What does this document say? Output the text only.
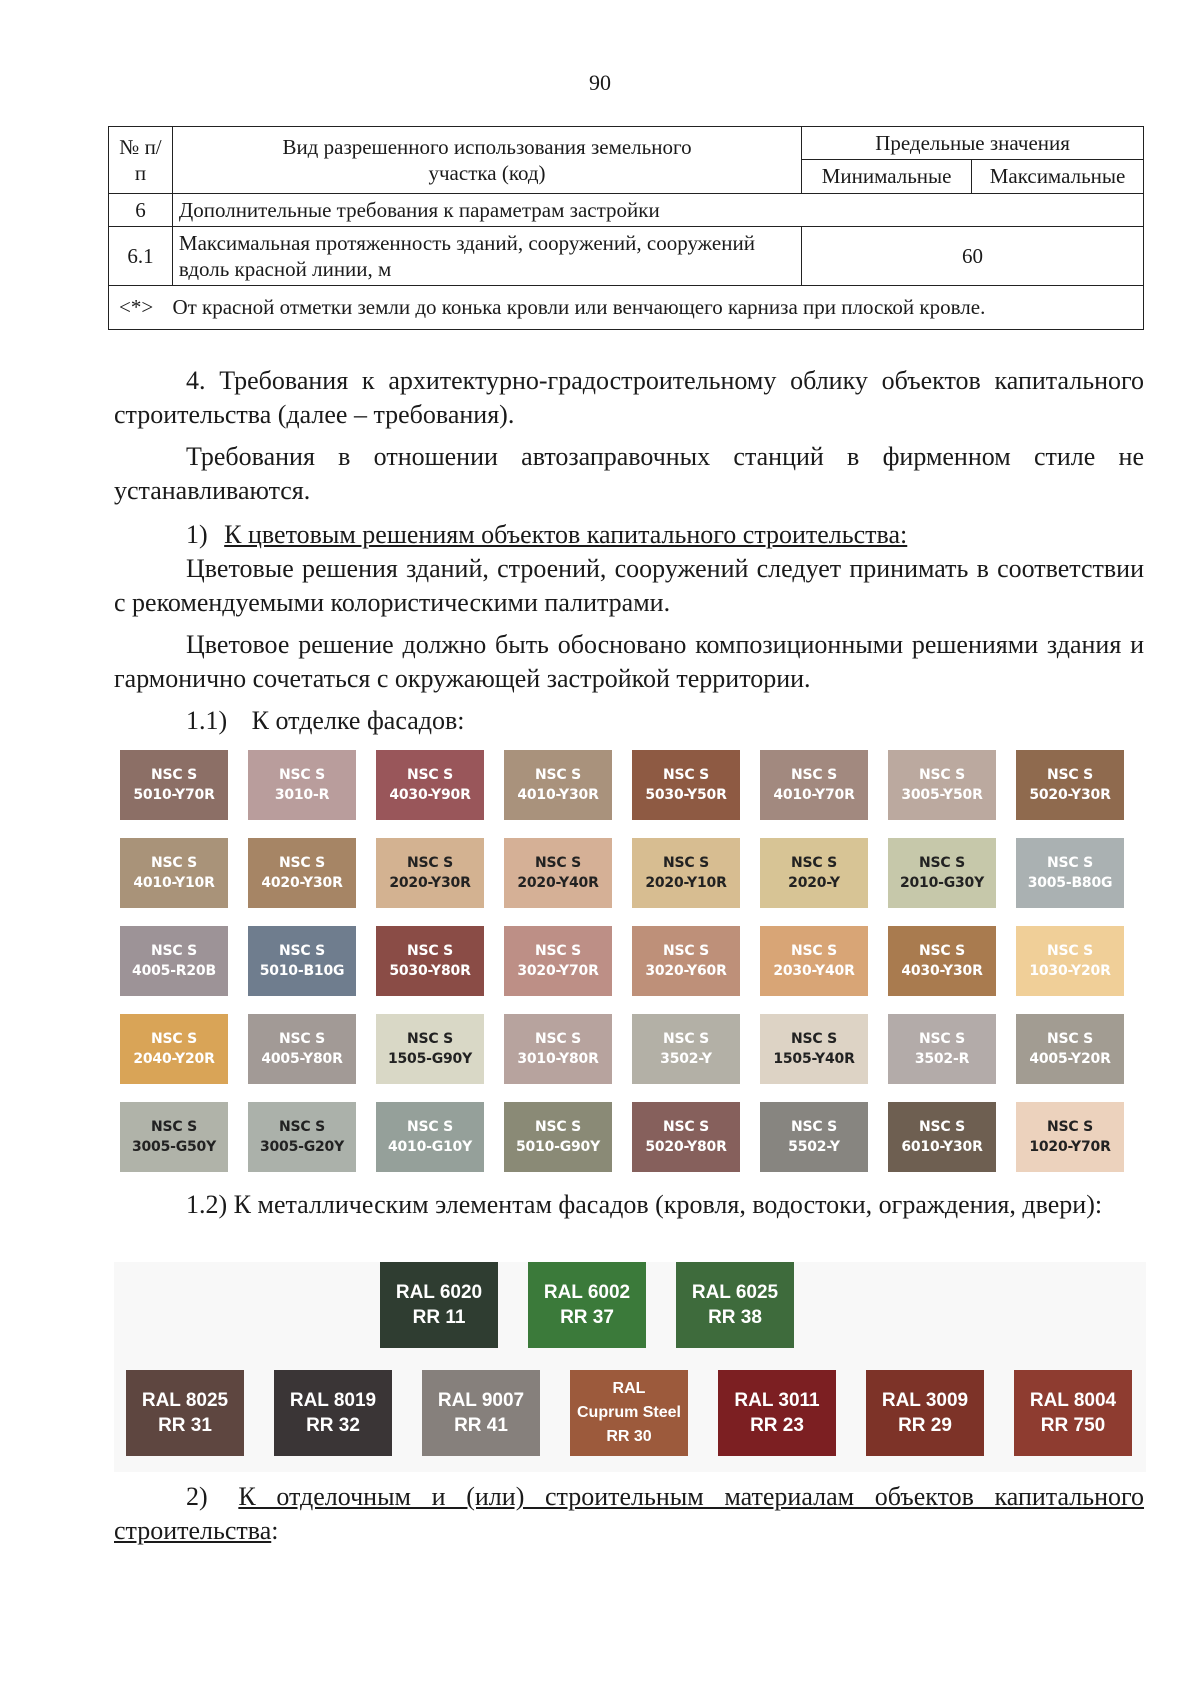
90
№ п/п	Вид разрешенного использования земельного участка (код)	Предельные значения	
		Минимальные	Максимальные
6	Дополнительные требования к параметрам застройки		
6.1	Максимальная протяженность зданий, сооружений, сооружений вдоль красной линии, м	60	
<*> От красной отметки земли до конька кровли или венчающего карниза при плоской кровле.			

4. Требования к архитектурно-градостроительному облику объектов капитального строительства (далее – требования).

Требования в отношении автозаправочных станций в фирменном стиле не устанавливаются.

1) К цветовым решениям объектов капитального строительства:

Цветовые решения зданий, строений, сооружений следует принимать в соответствии с рекомендуемыми колористическими палитрами.

Цветовое решение должно быть обосновано композиционными решениями здания и гармонично сочетаться с окружающей застройкой территории.

1.1) К отделке фасадов:

NSC S
5010-Y70R
NSC S
3010-R
NSC S
4030-Y90R
NSC S
4010-Y30R
NSC S
5030-Y50R
NSC S
4010-Y70R
NSC S
3005-Y50R
NSC S
5020-Y30R
NSC S
4010-Y10R
NSC S
4020-Y30R
NSC S
2020-Y30R
NSC S
2020-Y40R
NSC S
2020-Y10R
NSC S
2020-Y
NSC S
2010-G30Y
NSC S
3005-B80G
NSC S
4005-R20B
NSC S
5010-B10G
NSC S
5030-Y80R
NSC S
3020-Y70R
NSC S
3020-Y60R
NSC S
2030-Y40R
NSC S
4030-Y30R
NSC S
1030-Y20R
NSC S
2040-Y20R
NSC S
4005-Y80R
NSC S
1505-G90Y
NSC S
3010-Y80R
NSC S
3502-Y
NSC S
1505-Y40R
NSC S
3502-R
NSC S
4005-Y20R
NSC S
3005-G50Y
NSC S
3005-G20Y
NSC S
4010-G10Y
NSC S
5010-G90Y
NSC S
5020-Y80R
NSC S
5502-Y
NSC S
6010-Y30R
NSC S
1020-Y70R

1.2) К металлическим элементам фасадов (кровля, водостоки, ограждения, двери):

RAL 6020
RR 11
RAL 6002
RR 37
RAL 6025
RR 38
RAL 8025
RR 31
RAL 8019
RR 32
RAL 9007
RR 41
RAL
Cuprum Steel
RR 30
RAL 3011
RR 23
RAL 3009
RR 29
RAL 8004
RR 750

2) К отделочным и (или) строительным материалам объектов капитального строительства:
